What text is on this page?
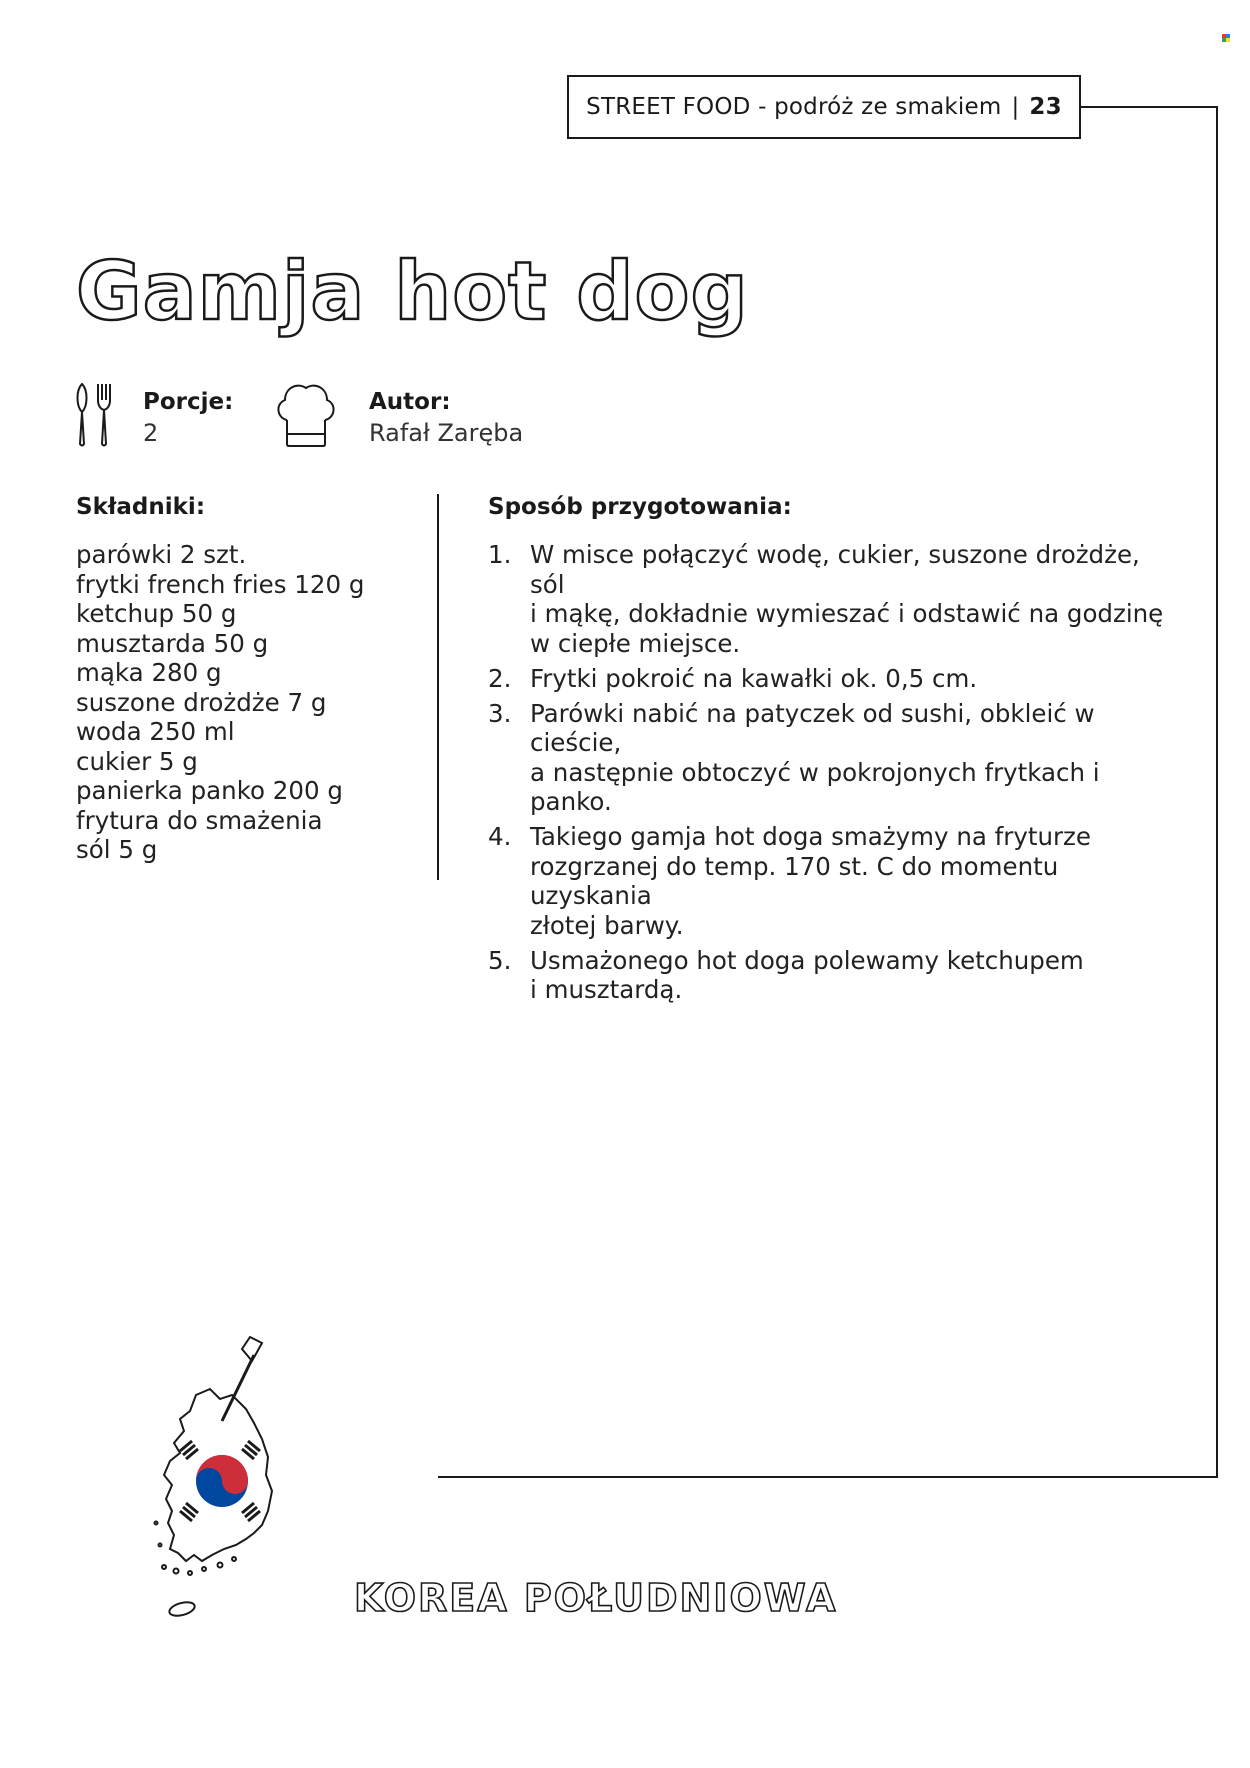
STREET FOOD
- podróż ze smakiem | 23
Gamja hot dog
Porcje:
2
Autor:
Rafał Zaręba
Składniki:	Sposób przygotowania:
parówki 2 szt.
frytki french fries 120 g
ketchup 50 g
musztarda 50 g
mąka 280 g
suszone drożdże 7 g
woda 250 ml
cukier 5 g
panierka panko 200 g
frytura do smażenia
sól 5 g
1. W misce połączyć wodę, cukier, suszone drożdże, sól
i mąkę, dokładnie wymieszać i odstawić na godzinę
w ciepłe miejsce.
2. Frytki pokroić na kawałki ok. 0,5 cm.
3. Parówki nabić na patyczek od sushi, obkleić w cieście,
a następnie obtoczyć w pokrojonych frytkach i panko.
4. Takiego gamja hot doga smażymy na fryturze
rozgrzanej do temp. 170 st. C do momentu uzyskania
złotej barwy.
5. Usmażonego hot doga polewamy ketchupem
i musztardą.
KOREA POŁUDNIOWA
